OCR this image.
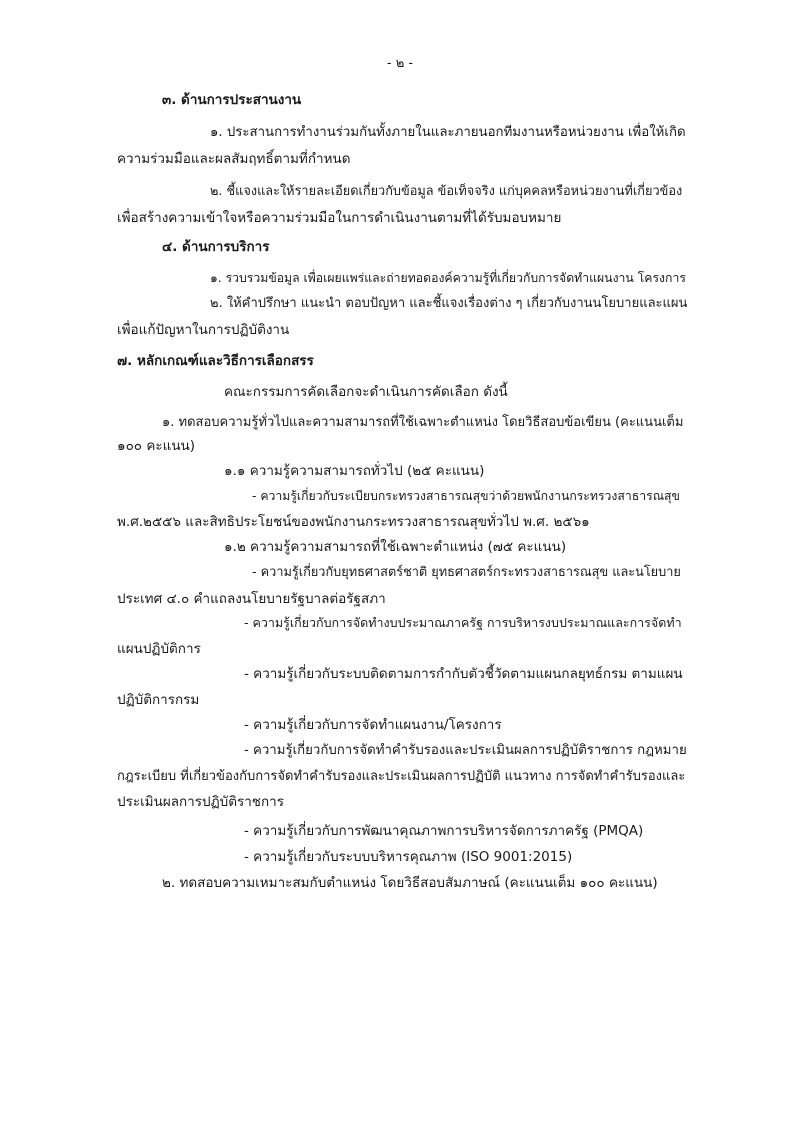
- ๒ -
๓. ด้านการประสานงาน
๑. ประสานการทำงานร่วมกันทั้งภายในและภายนอกทีมงานหรือหน่วยงาน เพื่อให้เกิด
ความร่วมมือและผลสัมฤทธิ์ตามที่กำหนด
๒. ชี้แจงและให้รายละเอียดเกี่ยวกับข้อมูล ข้อเท็จจริง แก่บุคคลหรือหน่วยงานที่เกี่ยวข้อง
เพื่อสร้างความเข้าใจหรือความร่วมมือในการดำเนินงานตามที่ได้รับมอบหมาย
๔. ด้านการบริการ
๑. รวบรวมข้อมูล เพื่อเผยแพร่และถ่ายทอดองค์ความรู้ที่เกี่ยวกับการจัดทำแผนงาน โครงการ
๒. ให้คำปรึกษา แนะนำ ตอบปัญหา และชี้แจงเรื่องต่าง ๆ เกี่ยวกับงานนโยบายและแผน
เพื่อแก้ปัญหาในการปฏิบัติงาน
๗. หลักเกณฑ์และวิธีการเลือกสรร
คณะกรรมการคัดเลือกจะดำเนินการคัดเลือก ดังนี้
๑. ทดสอบความรู้ทั่วไปและความสามารถที่ใช้เฉพาะตำแหน่ง โดยวิธีสอบข้อเขียน (คะแนนเต็ม
๑๐๐ คะแนน)
๑.๑ ความรู้ความสามารถทั่วไป (๒๕ คะแนน)
- ความรู้เกี่ยวกับระเบียบกระทรวงสาธารณสุขว่าด้วยพนักงานกระทรวงสาธารณสุข
พ.ศ.๒๕๕๖ และสิทธิประโยชน์ของพนักงานกระทรวงสาธารณสุขทั่วไป พ.ศ. ๒๕๖๑
๑.๒ ความรู้ความสามารถที่ใช้เฉพาะตำแหน่ง (๗๕ คะแนน)
- ความรู้เกี่ยวกับยุทธศาสตร์ชาติ ยุทธศาสตร์กระทรวงสาธารณสุข และนโยบาย
ประเทศ ๔.๐ คำแถลงนโยบายรัฐบาลต่อรัฐสภา
- ความรู้เกี่ยวกับการจัดทำงบประมาณภาครัฐ การบริหารงบประมาณและการจัดทำ
แผนปฏิบัติการ
- ความรู้เกี่ยวกับระบบติดตามการกำกับตัวชี้วัดตามแผนกลยุทธ์กรม ตามแผน
ปฏิบัติการกรม
- ความรู้เกี่ยวกับการจัดทำแผนงาน/โครงการ
- ความรู้เกี่ยวกับการจัดทำคำรับรองและประเมินผลการปฏิบัติราชการ กฎหมาย
กฎระเบียบ ที่เกี่ยวข้องกับการจัดทำคำรับรองและประเมินผลการปฏิบัติ แนวทาง การจัดทำคำรับรองและ
ประเมินผลการปฏิบัติราชการ
- ความรู้เกี่ยวกับการพัฒนาคุณภาพการบริหารจัดการภาครัฐ (PMQA)
- ความรู้เกี่ยวกับระบบบริหารคุณภาพ (ISO 9001:2015)
๒. ทดสอบความเหมาะสมกับตำแหน่ง โดยวิธีสอบสัมภาษณ์ (คะแนนเต็ม ๑๐๐ คะแนน)
